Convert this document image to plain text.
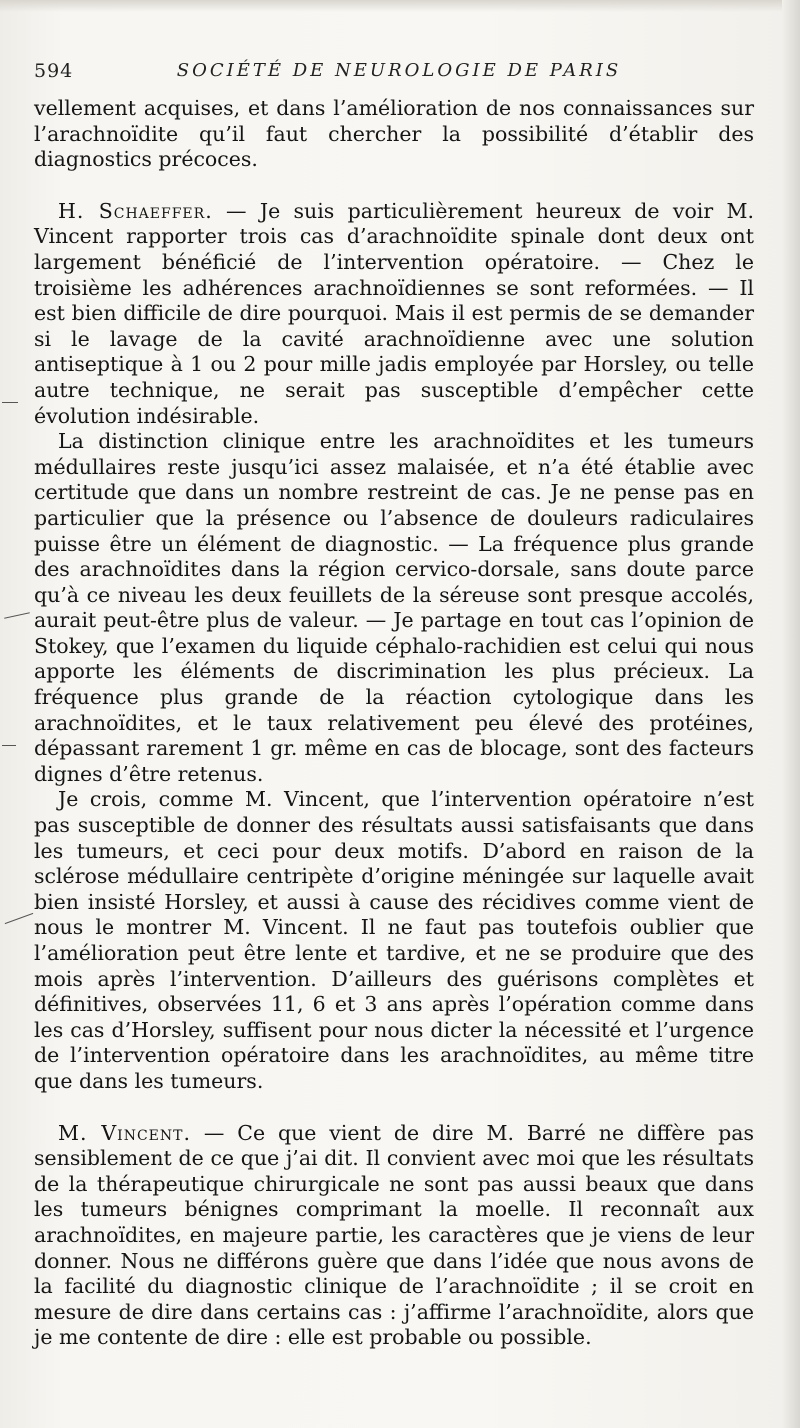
594	SOCIÉTÉ DE NEUROLOGIE DE PARIS

vellement acquises, et dans l’amélioration de nos connaissances sur l’arachnoïdite qu’il faut chercher la possibilité d’établir des diagnostics précoces.

H. Schaeffer. — Je suis particulièrement heureux de voir M. Vincent rapporter trois cas d’arachnoïdite spinale dont deux ont largement bénéficié de l’intervention opératoire. — Chez le troisième les adhérences arachnoïdiennes se sont reformées. — Il est bien difficile de dire pourquoi. Mais il est permis de se demander si le lavage de la cavité arachnoïdienne avec une solution antiseptique à 1 ou 2 pour mille jadis employée par Horsley, ou telle autre technique, ne serait pas susceptible d’empêcher cette évolution indésirable.

La distinction clinique entre les arachnoïdites et les tumeurs médullaires reste jusqu’ici assez malaisée, et n’a été établie avec certitude que dans un nombre restreint de cas. Je ne pense pas en particulier que la présence ou l’absence de douleurs radiculaires puisse être un élément de diagnostic. — La fréquence plus grande des arachnoïdites dans la région cervico-dorsale, sans doute parce qu’à ce niveau les deux feuillets de la séreuse sont presque accolés, aurait peut-être plus de valeur. — Je partage en tout cas l’opinion de Stokey, que l’examen du liquide céphalo-rachidien est celui qui nous apporte les éléments de discrimination les plus précieux. La fréquence plus grande de la réaction cytologique dans les arachnoïdites, et le taux relativement peu élevé des protéines, dépassant rarement 1 gr. même en cas de blocage, sont des facteurs dignes d’être retenus.

Je crois, comme M. Vincent, que l’intervention opératoire n’est pas susceptible de donner des résultats aussi satisfaisants que dans les tumeurs, et ceci pour deux motifs. D’abord en raison de la sclérose médullaire centripète d’origine méningée sur laquelle avait bien insisté Horsley, et aussi à cause des récidives comme vient de nous le montrer M. Vincent. Il ne faut pas toutefois oublier que l’amélioration peut être lente et tardive, et ne se produire que des mois après l’intervention. D’ailleurs des guérisons complètes et définitives, observées 11, 6 et 3 ans après l’opération comme dans les cas d’Horsley, suffisent pour nous dicter la nécessité et l’urgence de l’intervention opératoire dans les arachnoïdites, au même titre que dans les tumeurs.

M. Vincent. — Ce que vient de dire M. Barré ne diffère pas sensiblement de ce que j’ai dit. Il convient avec moi que les résultats de la thérapeutique chirurgicale ne sont pas aussi beaux que dans les tumeurs bénignes comprimant la moelle. Il reconnaît aux arachnoïdites, en majeure partie, les caractères que je viens de leur donner. Nous ne différons guère que dans l’idée que nous avons de la facilité du diagnostic clinique de l’arachnoïdite ; il se croit en mesure de dire dans certains cas : j’affirme l’arachnoïdite, alors que je me contente de dire : elle est probable ou possible.
